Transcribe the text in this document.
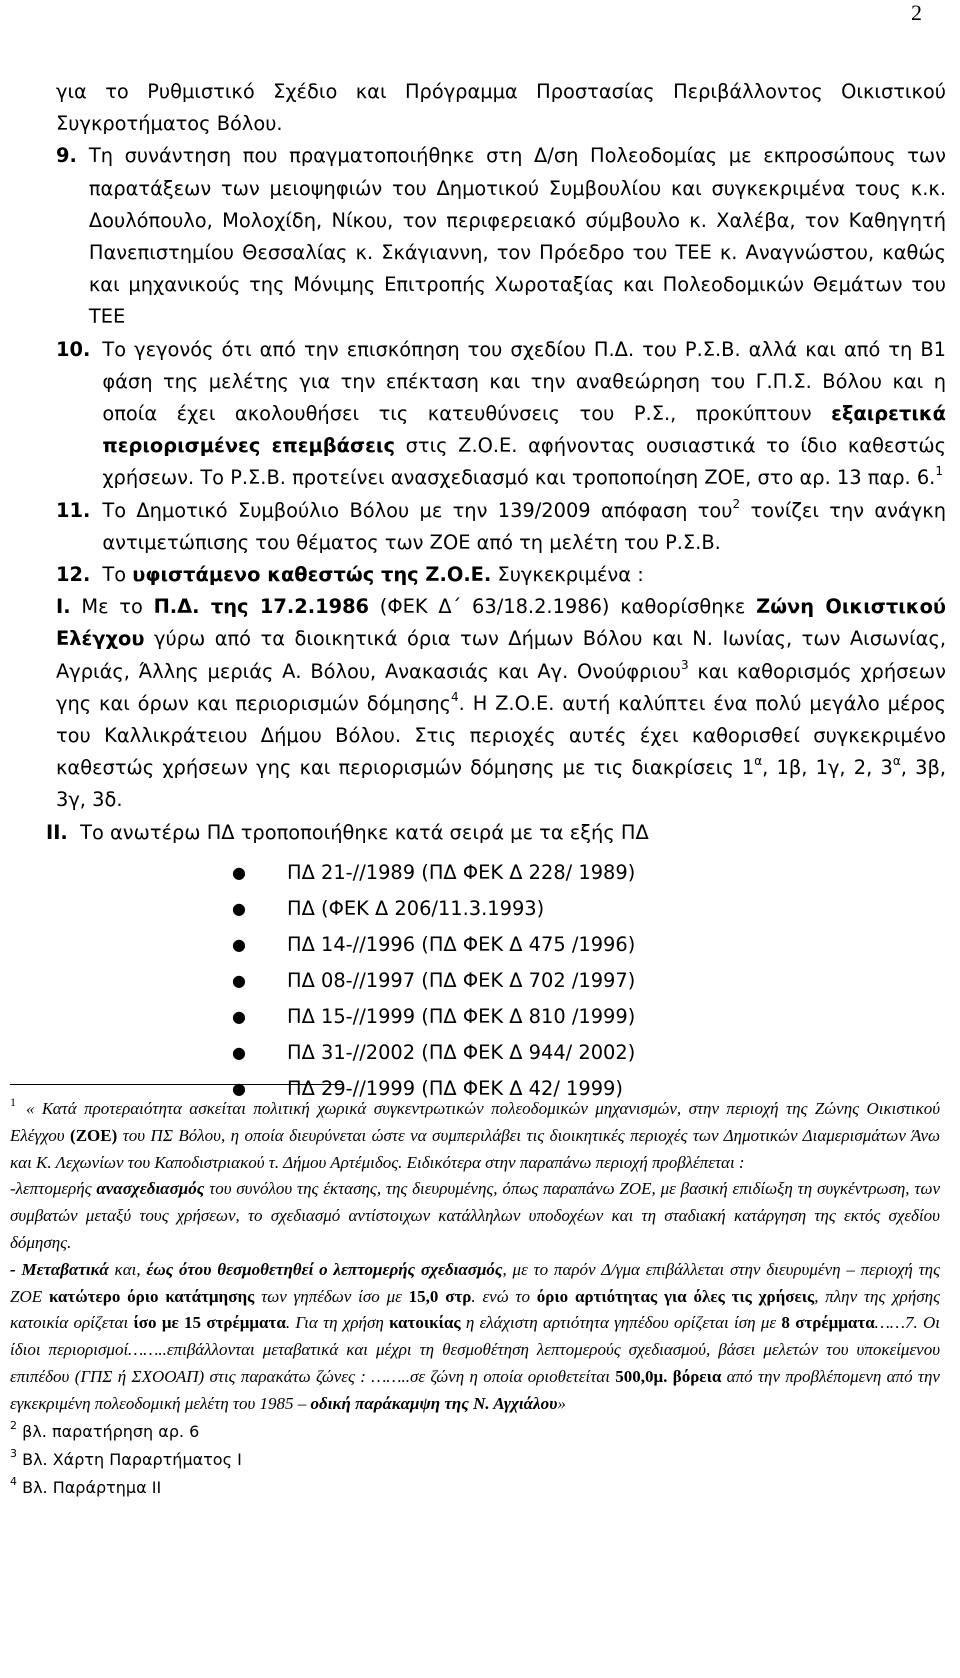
2

για το Ρυθμιστικό Σχέδιο και Πρόγραμμα Προστασίας Περιβάλλοντος Οικιστικού Συγκροτήματος Βόλου.

9. Τη συνάντηση που πραγματοποιήθηκε στη Δ/ση Πολεοδομίας με εκπροσώπους των παρατάξεων των μειοψηφιών του Δημοτικού Συμβουλίου και συγκεκριμένα τους κ.κ. Δουλόπουλο, Μολοχίδη, Νίκου, τον περιφερειακό σύμβουλο κ. Χαλέβα, τον Καθηγητή Πανεπιστημίου Θεσσαλίας κ. Σκάγιαννη, τον Πρόεδρο του ΤΕΕ κ. Αναγνώστου, καθώς και μηχανικούς της Μόνιμης Επιτροπής Χωροταξίας και Πολεοδομικών Θεμάτων του ΤΕΕ
10. Το γεγονός ότι από την επισκόπηση του σχεδίου Π.Δ. του Ρ.Σ.Β. αλλά και από τη Β1 φάση της μελέτης για την επέκταση και την αναθεώρηση του Γ.Π.Σ. Βόλου και η οποία έχει ακολουθήσει τις κατευθύνσεις του Ρ.Σ., προκύπτουν εξαιρετικά περιορισμένες επεμβάσεις στις Ζ.Ο.Ε. αφήνοντας ουσιαστικά το ίδιο καθεστώς χρήσεων. Το Ρ.Σ.Β. προτείνει ανασχεδιασμό και τροποποίηση ΖΟΕ, στο αρ. 13 παρ. 6.$^1$
11. Το Δημοτικό Συμβούλιο Βόλου με την 139/2009 απόφαση του$^2$ τονίζει την ανάγκη αντιμετώπισης του θέματος των ΖΟΕ από τη μελέτη του Ρ.Σ.Β.
12. Το υφιστάμενο καθεστώς της Ζ.Ο.Ε. Συγκεκριμένα :

I. Με το Π.Δ. της 17.2.1986 (ΦΕΚ Δ΄ 63/18.2.1986) καθορίσθηκε Ζώνη Οικιστικού Ελέγχου γύρω από τα διοικητικά όρια των Δήμων Βόλου και Ν. Ιωνίας, των Αισωνίας, Αγριάς, Άλλης μεριάς Α. Βόλου, Ανακασιάς και Αγ. Ονούφριου$^3$ και καθορισμός χρήσεων γης και όρων και περιορισμών δόμησης$^4$. Η Ζ.Ο.Ε. αυτή καλύπτει ένα πολύ μεγάλο μέρος του Καλλικράτειου Δήμου Βόλου. Στις περιοχές αυτές έχει καθορισθεί συγκεκριμένο καθεστώς χρήσεων γης και περιορισμών δόμησης με τις διακρίσεις $1^\alpha$, 1β, 1γ, 2, $3^\alpha$, 3β, 3γ, 3δ.

II. Το ανωτέρω ΠΔ τροποποιήθηκε κατά σειρά με τα εξής ΠΔ

● ΠΔ 21-//1989 (ΠΔ ΦΕΚ Δ 228/ 1989)
● ΠΔ (ΦΕΚ Δ 206/11.3.1993)
● ΠΔ 14-//1996 (ΠΔ ΦΕΚ Δ 475 /1996)
● ΠΔ 08-//1997 (ΠΔ ΦΕΚ Δ 702 /1997)
● ΠΔ 15-//1999 (ΠΔ ΦΕΚ Δ 810 /1999)
● ΠΔ 31-//2002 (ΠΔ ΦΕΚ Δ 944/ 2002)
● ΠΔ 29-//1999 (ΠΔ ΦΕΚ Δ 42/ 1999)

$^1$ « Κατά προτεραιότητα ασκείται πολιτική χωρικά συγκεντρωτικών πολεοδομικών μηχανισμών, στην περιοχή της Ζώνης Οικιστικού Ελέγχου (ΖΟΕ) του ΠΣ Βόλου, η οποία διευρύνεται ώστε να συμπεριλάβει τις διοικητικές περιοχές των Δημοτικών Διαμερισμάτων Άνω και Κ. Λεχωνίων του Καποδιστριακού τ. Δήμου Αρτέμιδος. Ειδικότερα στην παραπάνω περιοχή προβλέπεται :

-λεπτομερής ανασχεδιασμός του συνόλου της έκτασης, της διευρυμένης, όπως παραπάνω ΖΟΕ, με βασική επιδίωξη τη συγκέντρωση, των συμβατών μεταξύ τους χρήσεων, το σχεδιασμό αντίστοιχων κατάλληλων υποδοχέων και τη σταδιακή κατάργηση της εκτός σχεδίου δόμησης.

- Μεταβατικά και, έως ότου θεσμοθετηθεί ο λεπτομερής σχεδιασμός, με το παρόν Δ/γμα επιβάλλεται στην διευρυμένη – περιοχή της ΖΟΕ κατώτερο όριο κατάτμησης των γηπέδων ίσο με 15,0 στρ. ενώ το όριο αρτιότητας για όλες τις χρήσεις, πλην της χρήσης κατοικία ορίζεται ίσο με 15 στρέμματα. Για τη χρήση κατοικίας η ελάχιστη αρτιότητα γηπέδου ορίζεται ίση με 8 στρέμματα……7. Οι ίδιοι περιορισμοί……..επιβάλλονται μεταβατικά και μέχρι τη θεσμοθέτηση λεπτομερούς σχεδιασμού, βάσει μελετών του υποκείμενου επιπέδου (ΓΠΣ ή ΣΧΟΟΑΠ) στις παρακάτω ζώνες : ……..σε ζώνη η οποία οριοθετείται 500,0μ. βόρεια από την προβλέπομενη από την εγκεκριμένη πολεοδομική μελέτη του 1985 – οδική παράκαμψη της Ν. Αγχιάλου»

$^2$ βλ. παρατήρηση αρ. 6

$^3$ Βλ. Χάρτη Παραρτήματος Ι

$^4$ Βλ. Παράρτημα ΙΙ
